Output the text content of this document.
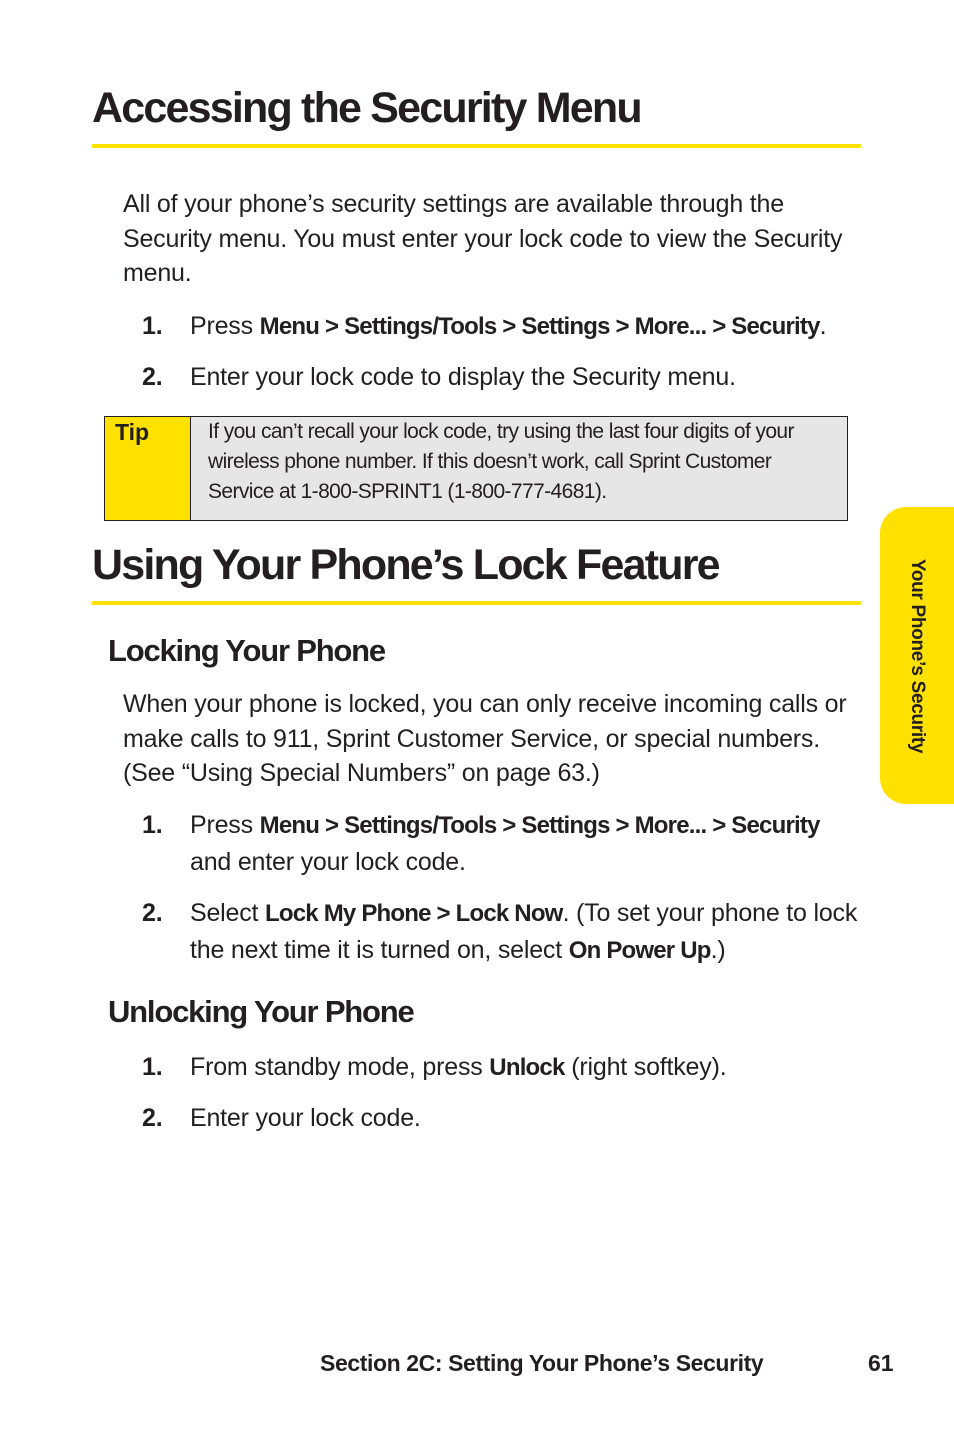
Accessing the Security Menu

All of your phone’s security settings are available through the Security menu. You must enter your lock code to view the Security menu.

1. Press Menu > Settings/Tools > Settings > More... > Security.
2. Enter your lock code to display the Security menu.
Tip	If you can’t recall your lock code, try using the last four digits of your wireless phone number. If this doesn’t work, call Sprint Customer Service at 1-800-SPRINT1 (1-800-777-4681).
Using Your Phone’s Lock Feature
Locking Your Phone

When your phone is locked, you can only receive incoming calls or make calls to 911, Sprint Customer Service, or special numbers. (See “Using Special Numbers” on page 63.)

1. Press Menu > Settings/Tools > Settings > More... > Security and enter your lock code.
2. Select Lock My Phone > Lock Now. (To set your phone to lock the next time it is turned on, select On Power Up.)
Unlocking Your Phone
1. From standby mode, press Unlock (right softkey).
2. Enter your lock code.
Your Phone’s Security
Section 2C: Setting Your Phone’s Security	61
